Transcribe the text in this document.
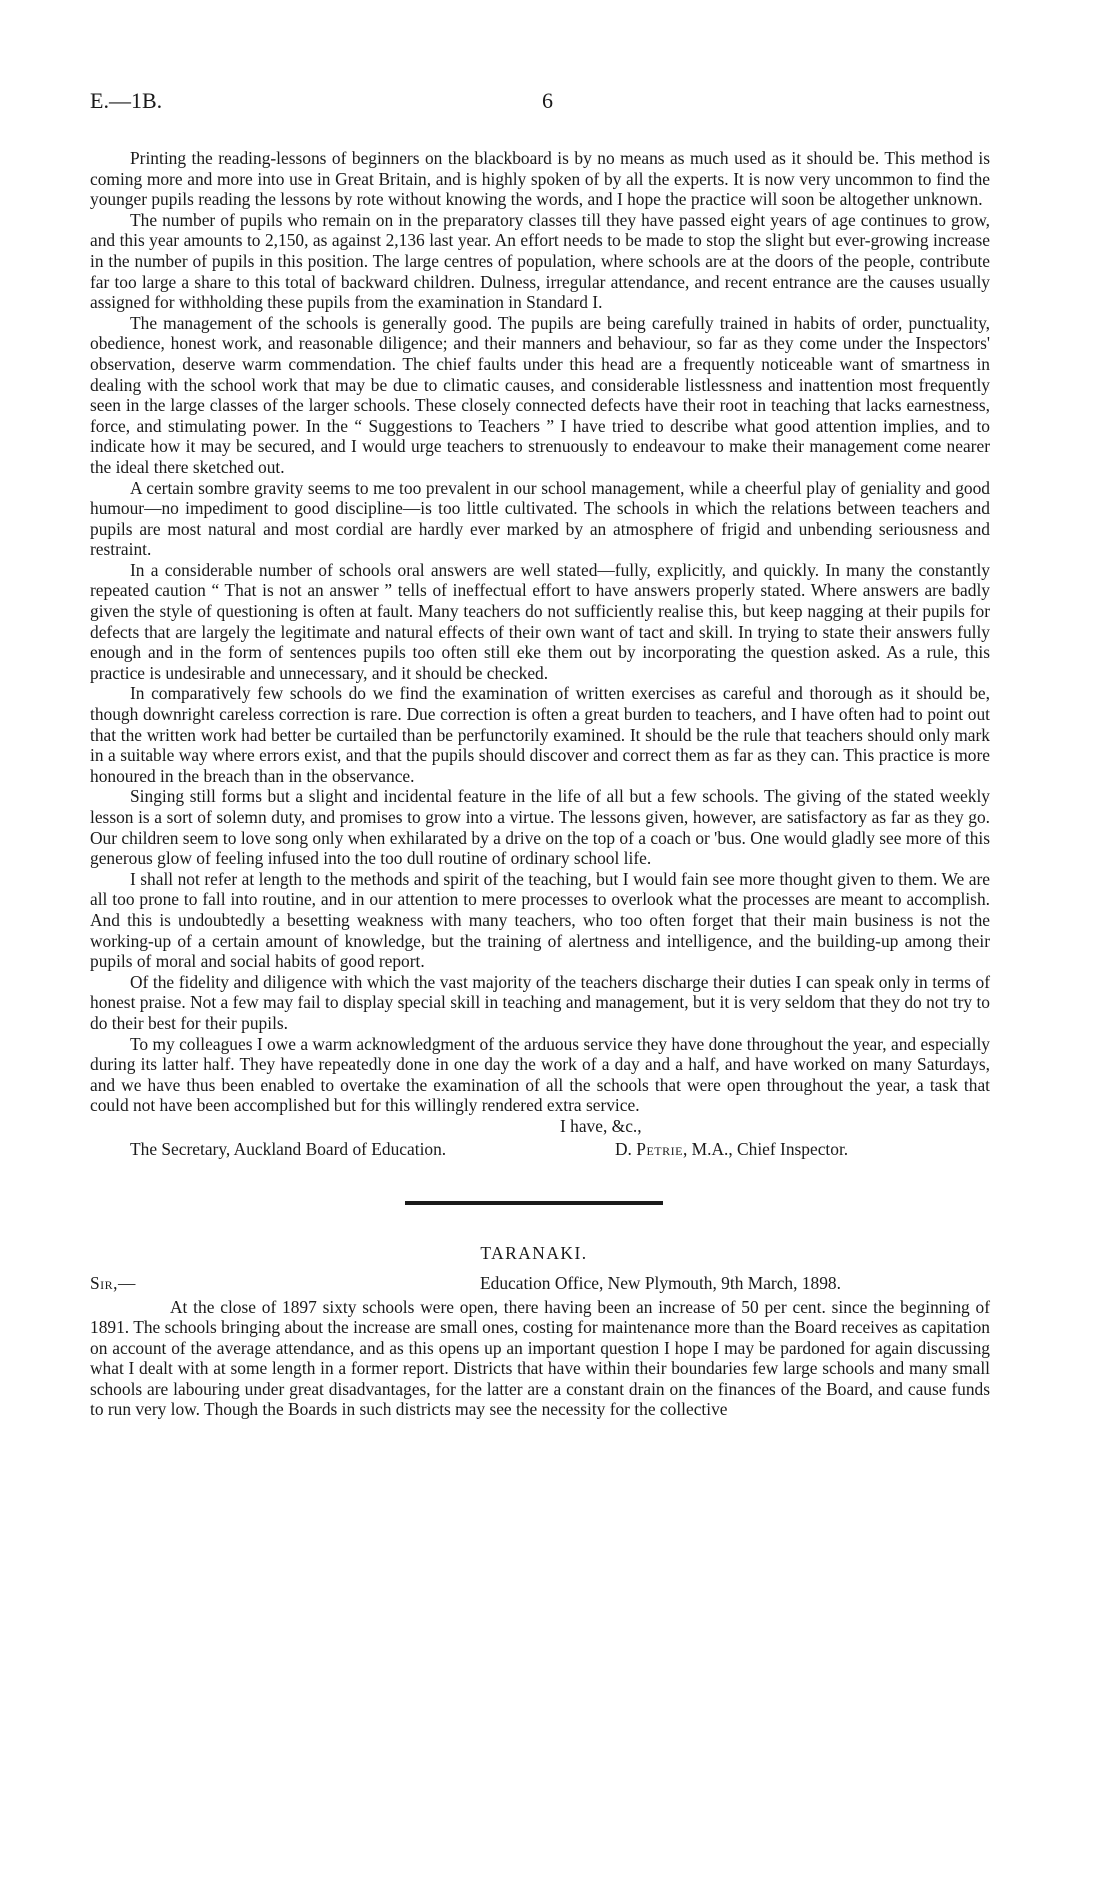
E.—1B.	6

Printing the reading-lessons of beginners on the blackboard is by no means as much used as it should be. This method is coming more and more into use in Great Britain, and is highly spoken of by all the experts. It is now very uncommon to find the younger pupils reading the lessons by rote without knowing the words, and I hope the practice will soon be altogether unknown.

The number of pupils who remain on in the preparatory classes till they have passed eight years of age continues to grow, and this year amounts to 2,150, as against 2,136 last year. An effort needs to be made to stop the slight but ever-growing increase in the number of pupils in this position. The large centres of population, where schools are at the doors of the people, contribute far too large a share to this total of backward children. Dulness, irregular attendance, and recent entrance are the causes usually assigned for withholding these pupils from the examination in Standard I.

The management of the schools is generally good. The pupils are being carefully trained in habits of order, punctuality, obedience, honest work, and reasonable diligence; and their manners and behaviour, so far as they come under the Inspectors' observation, deserve warm commendation. The chief faults under this head are a frequently noticeable want of smartness in dealing with the school work that may be due to climatic causes, and considerable listlessness and inattention most frequently seen in the large classes of the larger schools. These closely connected defects have their root in teaching that lacks earnestness, force, and stimulating power. In the “ Suggestions to Teachers ” I have tried to describe what good attention implies, and to indicate how it may be secured, and I would urge teachers to strenuously to endeavour to make their management come nearer the ideal there sketched out.

A certain sombre gravity seems to me too prevalent in our school management, while a cheerful play of geniality and good humour—no impediment to good discipline—is too little cultivated. The schools in which the relations between teachers and pupils are most natural and most cordial are hardly ever marked by an atmosphere of frigid and unbending seriousness and restraint.

In a considerable number of schools oral answers are well stated—fully, explicitly, and quickly. In many the constantly repeated caution “ That is not an answer ” tells of ineffectual effort to have answers properly stated. Where answers are badly given the style of questioning is often at fault. Many teachers do not sufficiently realise this, but keep nagging at their pupils for defects that are largely the legitimate and natural effects of their own want of tact and skill. In trying to state their answers fully enough and in the form of sentences pupils too often still eke them out by incorporating the question asked. As a rule, this practice is undesirable and unnecessary, and it should be checked.

In comparatively few schools do we find the examination of written exercises as careful and thorough as it should be, though downright careless correction is rare. Due correction is often a great burden to teachers, and I have often had to point out that the written work had better be curtailed than be perfunctorily examined. It should be the rule that teachers should only mark in a suitable way where errors exist, and that the pupils should discover and correct them as far as they can. This practice is more honoured in the breach than in the observance.

Singing still forms but a slight and incidental feature in the life of all but a few schools. The giving of the stated weekly lesson is a sort of solemn duty, and promises to grow into a virtue. The lessons given, however, are satisfactory as far as they go. Our children seem to love song only when exhilarated by a drive on the top of a coach or 'bus. One would gladly see more of this generous glow of feeling infused into the too dull routine of ordinary school life.

I shall not refer at length to the methods and spirit of the teaching, but I would fain see more thought given to them. We are all too prone to fall into routine, and in our attention to mere processes to overlook what the processes are meant to accomplish. And this is undoubtedly a besetting weakness with many teachers, who too often forget that their main business is not the working-up of a certain amount of knowledge, but the training of alertness and intelligence, and the building-up among their pupils of moral and social habits of good report.

Of the fidelity and diligence with which the vast majority of the teachers discharge their duties I can speak only in terms of honest praise. Not a few may fail to display special skill in teaching and management, but it is very seldom that they do not try to do their best for their pupils.

To my colleagues I owe a warm acknowledgment of the arduous service they have done throughout the year, and especially during its latter half. They have repeatedly done in one day the work of a day and a half, and have worked on many Saturdays, and we have thus been enabled to overtake the examination of all the schools that were open throughout the year, a task that could not have been accomplished but for this willingly rendered extra service.

I have, &c.,
The Secretary, Auckland Board of Education.	D. Petrie, M.A., Chief Inspector.
TARANAKI.
Sir,—	Education Office, New Plymouth, 9th March, 1898.

At the close of 1897 sixty schools were open, there having been an increase of 50 per cent. since the beginning of 1891. The schools bringing about the increase are small ones, costing for maintenance more than the Board receives as capitation on account of the average attendance, and as this opens up an important question I hope I may be pardoned for again discussing what I dealt with at some length in a former report. Districts that have within their boundaries few large schools and many small schools are labouring under great disadvantages, for the latter are a constant drain on the finances of the Board, and cause funds to run very low. Though the Boards in such districts may see the necessity for the collective
